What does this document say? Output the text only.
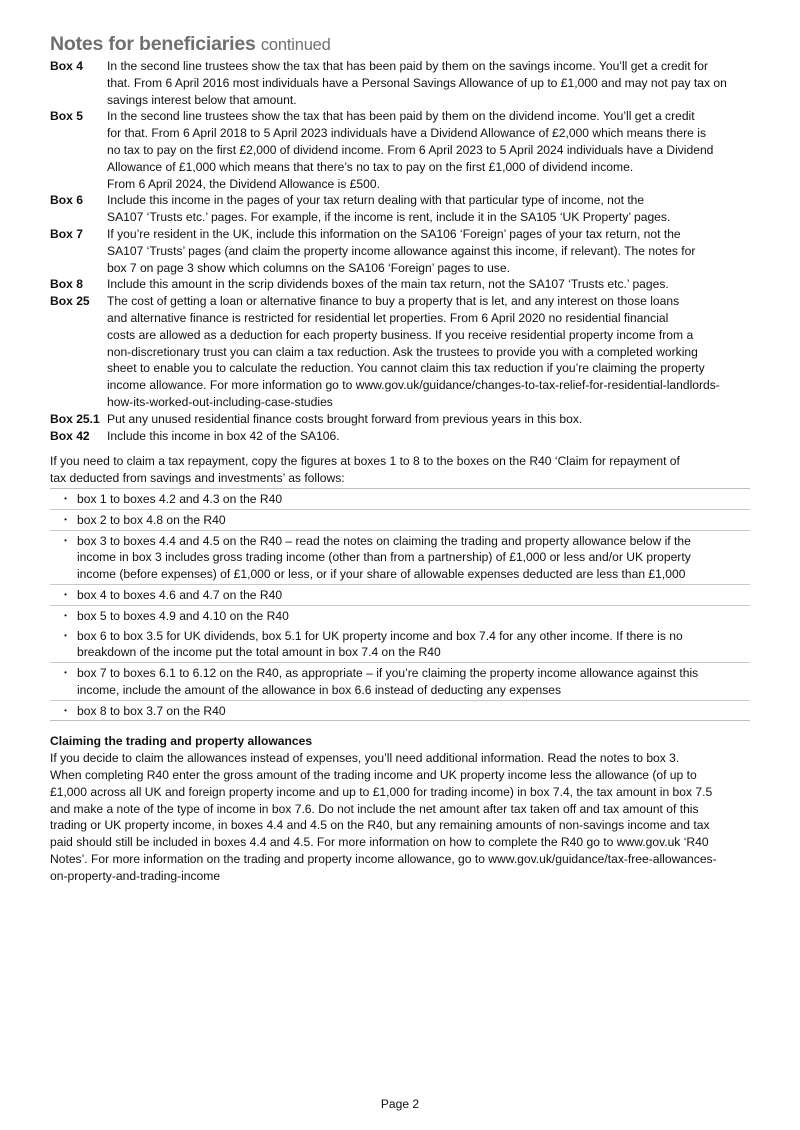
Notes for beneficiaries continued
Box 4	In the second line trustees show the tax that has been paid by them on the savings income. You’ll get a credit for
that. From 6 April 2016 most individuals have a Personal Savings Allowance of up to £1,000 and may not pay tax on
savings interest below that amount.
Box 5	In the second line trustees show the tax that has been paid by them on the dividend income. You’ll get a credit
for that. From 6 April 2018 to 5 April 2023 individuals have a Dividend Allowance of £2,000 which means there is
no tax to pay on the first £2,000 of dividend income. From 6 April 2023 to 5 April 2024 individuals have a Dividend
Allowance of £1,000 which means that there’s no tax to pay on the first £1,000 of dividend income.
From 6 April 2024, the Dividend Allowance is £500.
Box 6	Include this income in the pages of your tax return dealing with that particular type of income, not the
SA107 ‘Trusts etc.’ pages. For example, if the income is rent, include it in the SA105 ‘UK Property’ pages.
Box 7	If you’re resident in the UK, include this information on the SA106 ‘Foreign’ pages of your tax return, not the
SA107 ‘Trusts’ pages (and claim the property income allowance against this income, if relevant). The notes for
box 7 on page 3 show which columns on the SA106 ‘Foreign’ pages to use.
Box 8	Include this amount in the scrip dividends boxes of the main tax return, not the SA107 ‘Trusts etc.’ pages.
Box 25	The cost of getting a loan or alternative finance to buy a property that is let, and any interest on those loans
and alternative finance is restricted for residential let properties. From 6 April 2020 no residential financial
costs are allowed as a deduction for each property business. If you receive residential property income from a
non-discretionary trust you can claim a tax reduction. Ask the trustees to provide you with a completed working
sheet to enable you to calculate the reduction. You cannot claim this tax reduction if you’re claiming the property
income allowance. For more information go to www.gov.uk/guidance/changes-to-tax-relief-for-residential-landlords-
how-its-worked-out-including-case-studies
Box 25.1 Put any unused residential finance costs brought forward from previous years in this box.
Box 42	Include this income in box 42 of the SA106.
If you need to claim a tax repayment, copy the figures at boxes 1 to 8 to the boxes on the R40 ‘Claim for repayment of
tax deducted from savings and investments’ as follows:
• box 1 to boxes 4.2 and 4.3 on the R40
• box 2 to box 4.8 on the R40
• box 3 to boxes 4.4 and 4.5 on the R40 – read the notes on claiming the trading and property allowance below if the
income in box 3 includes gross trading income (other than from a partnership) of £1,000 or less and/or UK property
income (before expenses) of £1,000 or less, or if your share of allowable expenses deducted are less than £1,000
• box 4 to boxes 4.6 and 4.7 on the R40
• box 5 to boxes 4.9 and 4.10 on the R40
• box 6 to box 3.5 for UK dividends, box 5.1 for UK property income and box 7.4 for any other income. If there is no
breakdown of the income put the total amount in box 7.4 on the R40
• box 7 to boxes 6.1 to 6.12 on the R40, as appropriate – if you’re claiming the property income allowance against this
income, include the amount of the allowance in box 6.6 instead of deducting any expenses
• box 8 to box 3.7 on the R40
Claiming the trading and property allowances
If you decide to claim the allowances instead of expenses, you’ll need additional information. Read the notes to box 3.
When completing R40 enter the gross amount of the trading income and UK property income less the allowance (of up to
£1,000 across all UK and foreign property income and up to £1,000 for trading income) in box 7.4, the tax amount in box 7.5
and make a note of the type of income in box 7.6. Do not include the net amount after tax taken off and tax amount of this
trading or UK property income, in boxes 4.4 and 4.5 on the R40, but any remaining amounts of non-savings income and tax
paid should still be included in boxes 4.4 and 4.5. For more information on how to complete the R40 go to www.gov.uk ‘R40
Notes’. For more information on the trading and property income allowance, go to www.gov.uk/guidance/tax-free-allowances-
on-property-and-trading-income
Page 2
